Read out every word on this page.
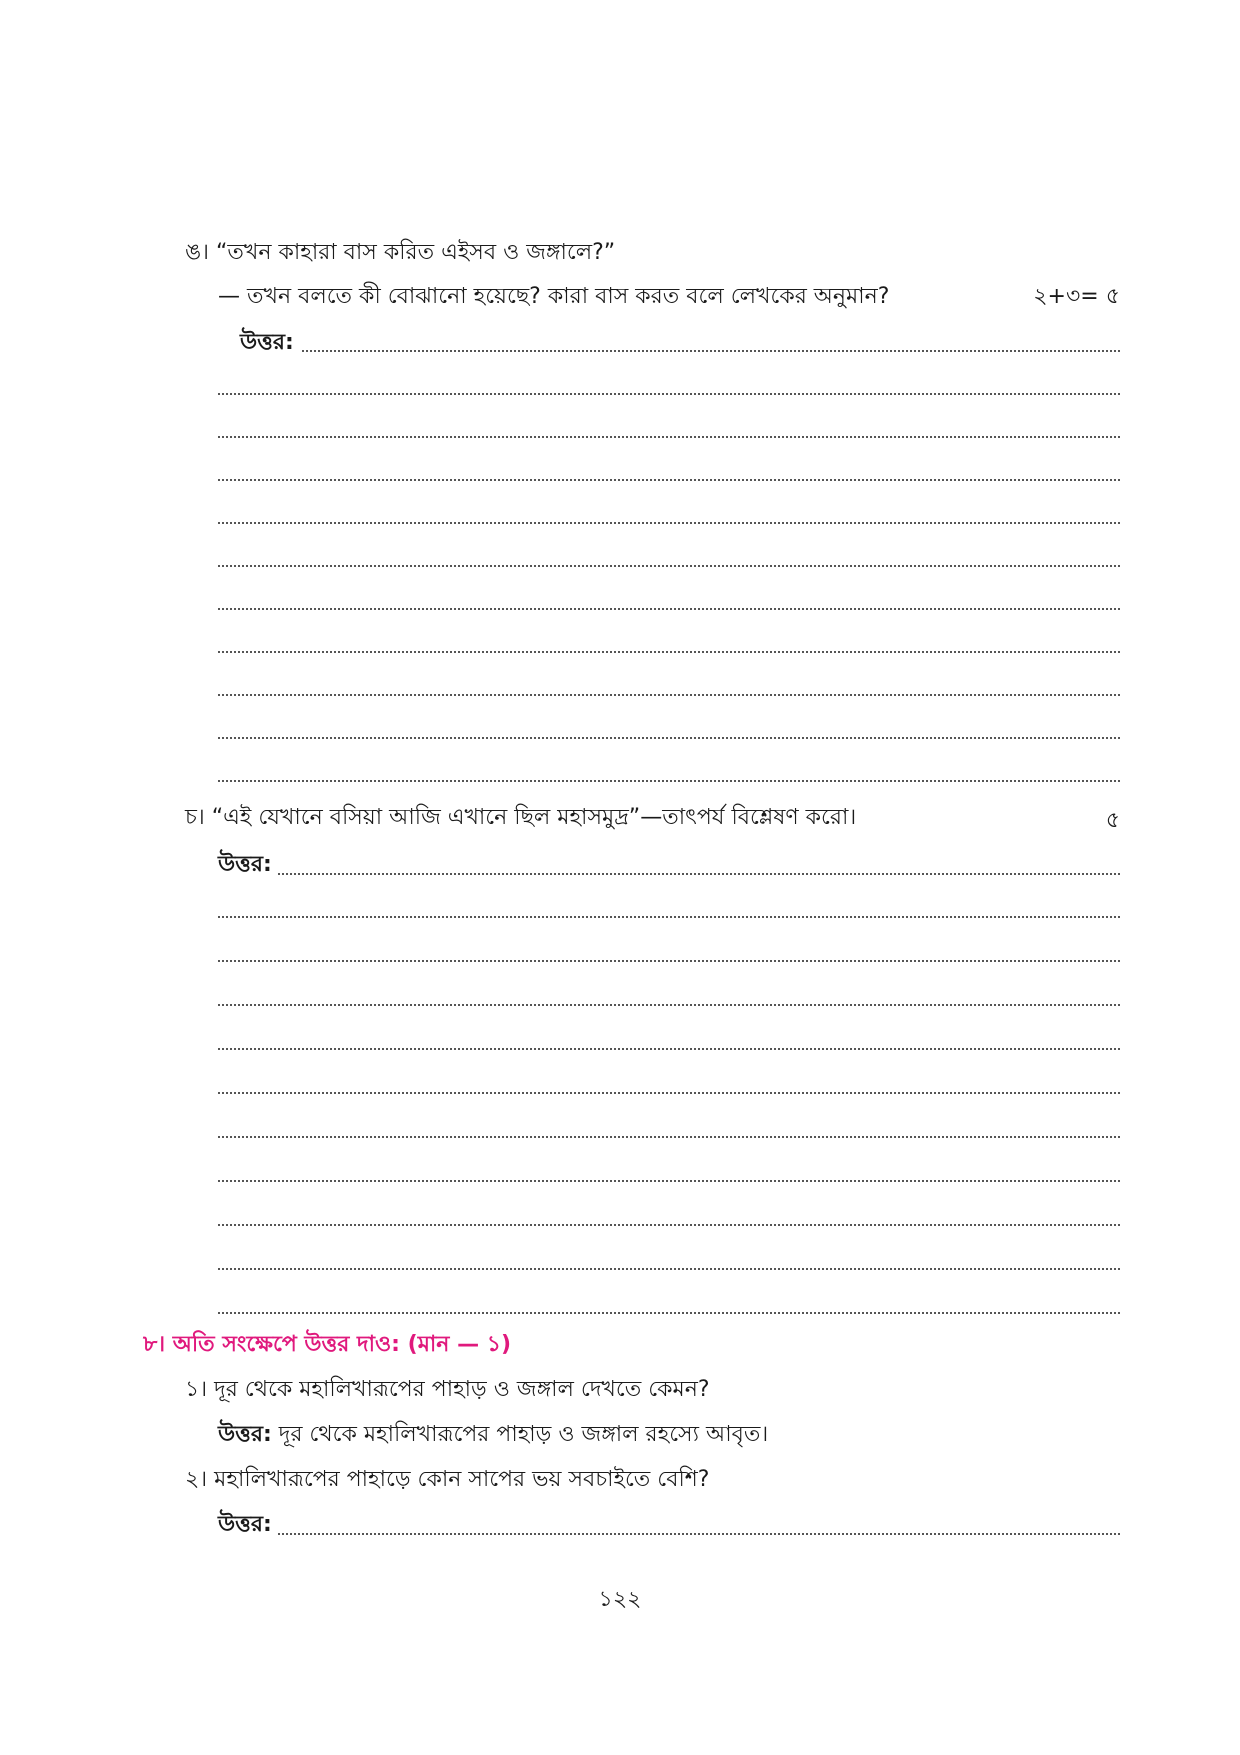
ঙ। “তখন কাহারা বাস করিত এইসব ও জঙ্গালে?”
— তখন বলতে কী বোঝানো হয়েছে? কারা বাস করত বলে লেখকের অনুমান?	২+৩= ৫
উত্তর:
চ। “এই যেখানে বসিয়া আজি এখানে ছিল মহাসমুদ্র”—তাৎপর্য বিশ্লেষণ করো।	৫
উত্তর:
৮। অতি সংক্ষেপে উত্তর দাও: (মান — ১)
১। দূর থেকে মহালিখারূপের পাহাড় ও জঙ্গাল দেখতে কেমন?
উত্তর: দূর থেকে মহালিখারূপের পাহাড় ও জঙ্গাল রহস্যে আবৃত।
২। মহালিখারূপের পাহাড়ে কোন সাপের ভয় সবচাইতে বেশি?
উত্তর:
১২২
